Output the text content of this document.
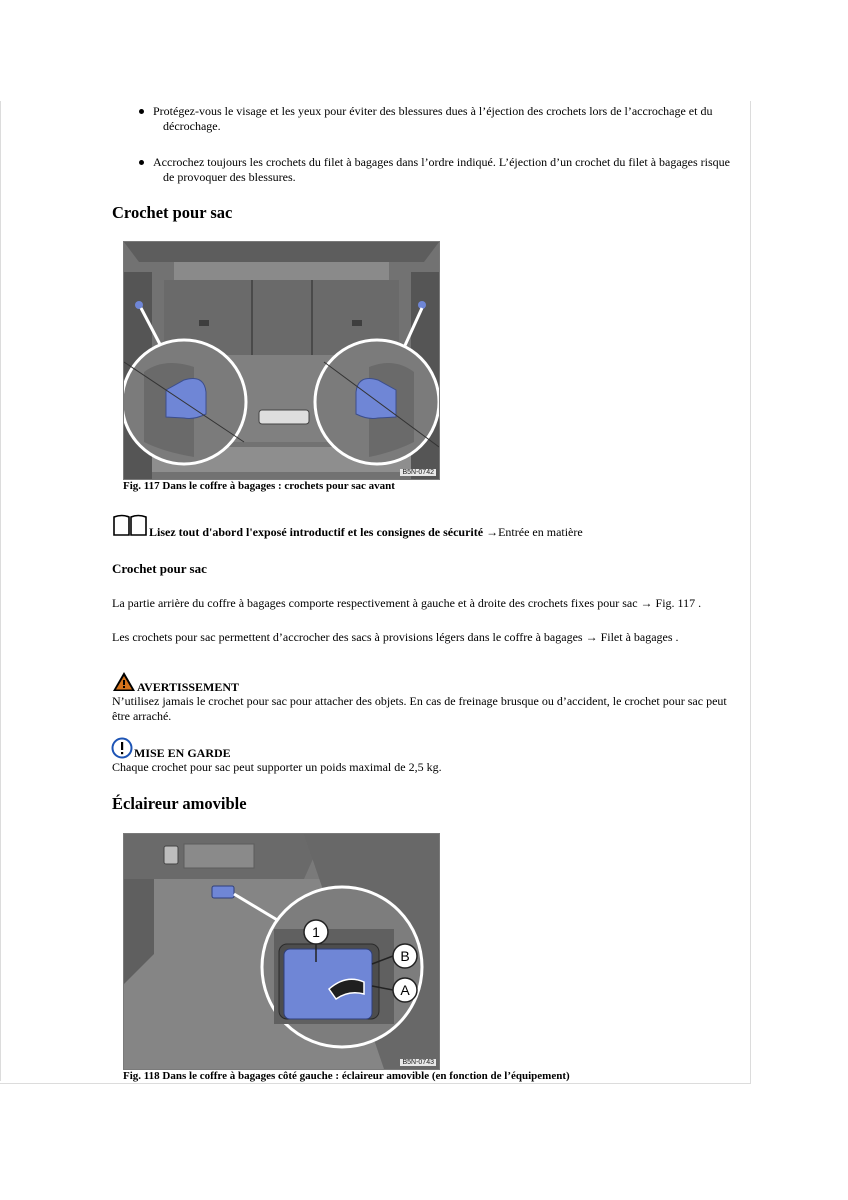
Protégez-vous le visage et les yeux pour éviter des blessures dues à l’éjection des crochets lors de l’accrochage et du
décrochage.
Accrochez toujours les crochets du filet à bagages dans l’ordre indiqué. L’éjection d’un crochet du filet à bagages risque
de provoquer des blessures.
Crochet pour sac
B5N-0742
Fig. 117 Dans le coffre à bagages : crochets pour sac avant
Lisez tout d'abord l'exposé introductif et les consignes de sécurité →Entrée en matière
Crochet pour sac
La partie arrière du coffre à bagages comporte respectivement à gauche et à droite des crochets fixes pour sac → Fig. 117 .
Les crochets pour sac permettent d’accrocher des sacs à provisions légers dans le coffre à bagages → Filet à bagages .
AVERTISSEMENT
N’utilisez jamais le crochet pour sac pour attacher des objets. En cas de freinage brusque ou d’accident, le crochet pour sac peut
être arraché.
MISE EN GARDE
Chaque crochet pour sac peut supporter un poids maximal de 2,5 kg.
Éclaireur amovible
1
B
A
B5N-0743
Fig. 118 Dans le coffre à bagages côté gauche : éclaireur amovible (en fonction de l’équipement)
